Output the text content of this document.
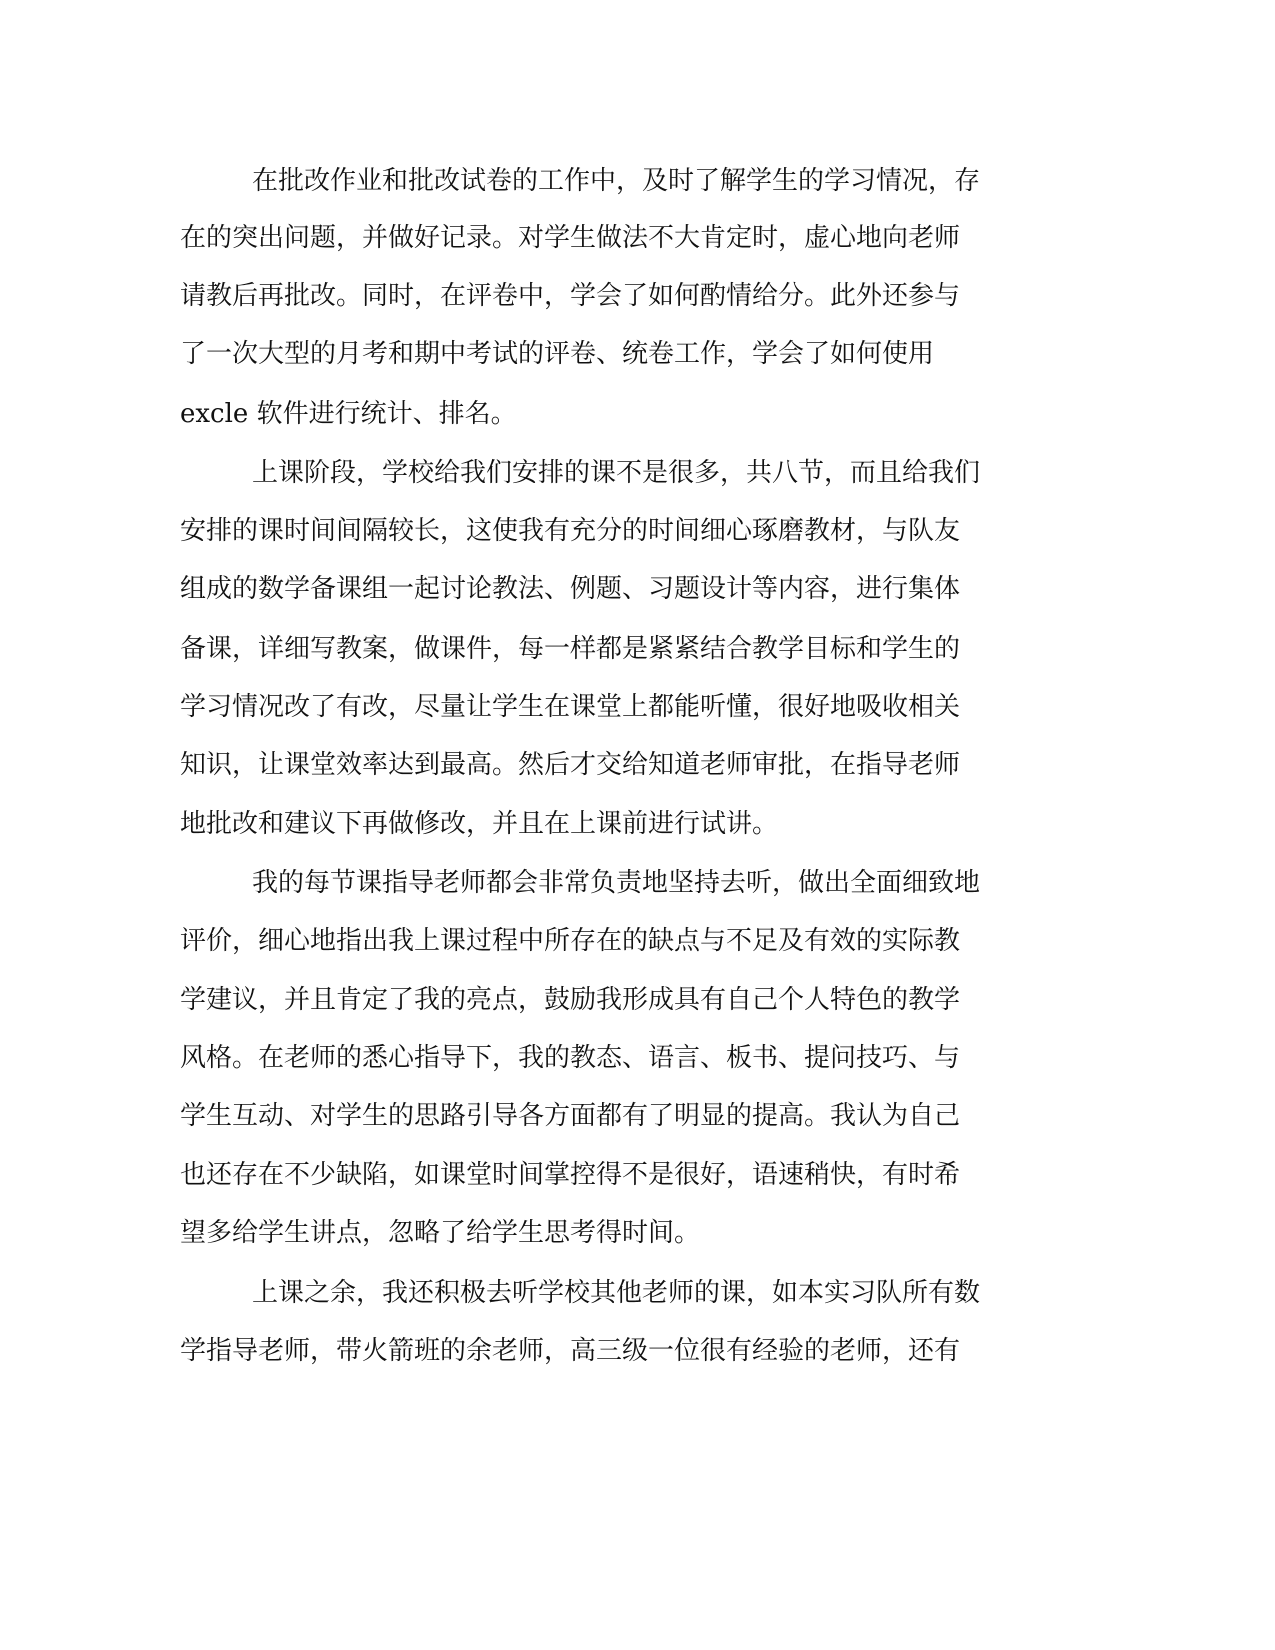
在批改作业和批改试卷的工作中，及时了解学生的学习情况，存

在的突出问题，并做好记录。对学生做法不大肯定时，虚心地向老师

请教后再批改。同时，在评卷中，学会了如何酌情给分。此外还参与

了一次大型的月考和期中考试的评卷、统卷工作，学会了如何使用

excle 软件进行统计、排名。

上课阶段，学校给我们安排的课不是很多，共八节，而且给我们

安排的课时间间隔较长，这使我有充分的时间细心琢磨教材，与队友

组成的数学备课组一起讨论教法、例题、习题设计等内容，进行集体

备课，详细写教案，做课件，每一样都是紧紧结合教学目标和学生的

学习情况改了有改，尽量让学生在课堂上都能听懂，很好地吸收相关

知识，让课堂效率达到最高。然后才交给知道老师审批，在指导老师

地批改和建议下再做修改，并且在上课前进行试讲。

我的每节课指导老师都会非常负责地坚持去听，做出全面细致地

评价，细心地指出我上课过程中所存在的缺点与不足及有效的实际教

学建议，并且肯定了我的亮点，鼓励我形成具有自己个人特色的教学

风格。在老师的悉心指导下，我的教态、语言、板书、提问技巧、与

学生互动、对学生的思路引导各方面都有了明显的提高。我认为自己

也还存在不少缺陷，如课堂时间掌控得不是很好，语速稍快，有时希

望多给学生讲点，忽略了给学生思考得时间。

上课之余，我还积极去听学校其他老师的课，如本实习队所有数

学指导老师，带火箭班的余老师，高三级一位很有经验的老师，还有
